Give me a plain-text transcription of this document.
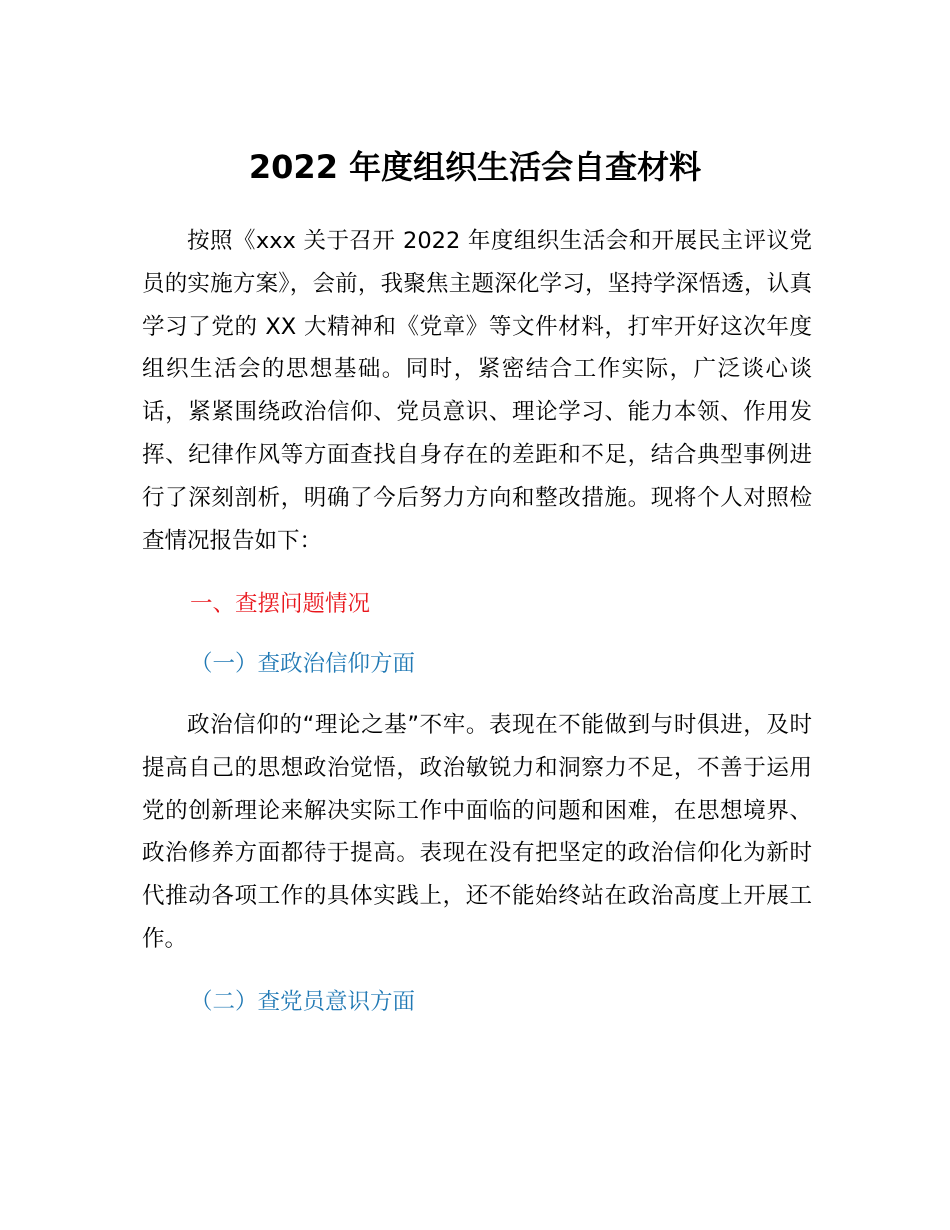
2022 年度组织生活会自查材料

按照《xxx 关于召开 2022 年度组织生活会和开展民主评议党员的实施方案》，会前，我聚焦主题深化学习，坚持学深悟透，认真学习了党的 XX 大精神和《党章》等文件材料，打牢开好这次年度组织生活会的思想基础。同时，紧密结合工作实际，广泛谈心谈话，紧紧围绕政治信仰、党员意识、理论学习、能力本领、作用发挥、纪律作风等方面查找自身存在的差距和不足，结合典型事例进行了深刻剖析，明确了今后努力方向和整改措施。现将个人对照检查情况报告如下：

一、查摆问题情况
（一）查政治信仰方面

政治信仰的“理论之基”不牢。表现在不能做到与时俱进，及时提高自己的思想政治觉悟，政治敏锐力和洞察力不足，不善于运用党的创新理论来解决实际工作中面临的问题和困难，在思想境界、政治修养方面都待于提高。表现在没有把坚定的政治信仰化为新时代推动各项工作的具体实践上，还不能始终站在政治高度上开展工作。

（二）查党员意识方面
